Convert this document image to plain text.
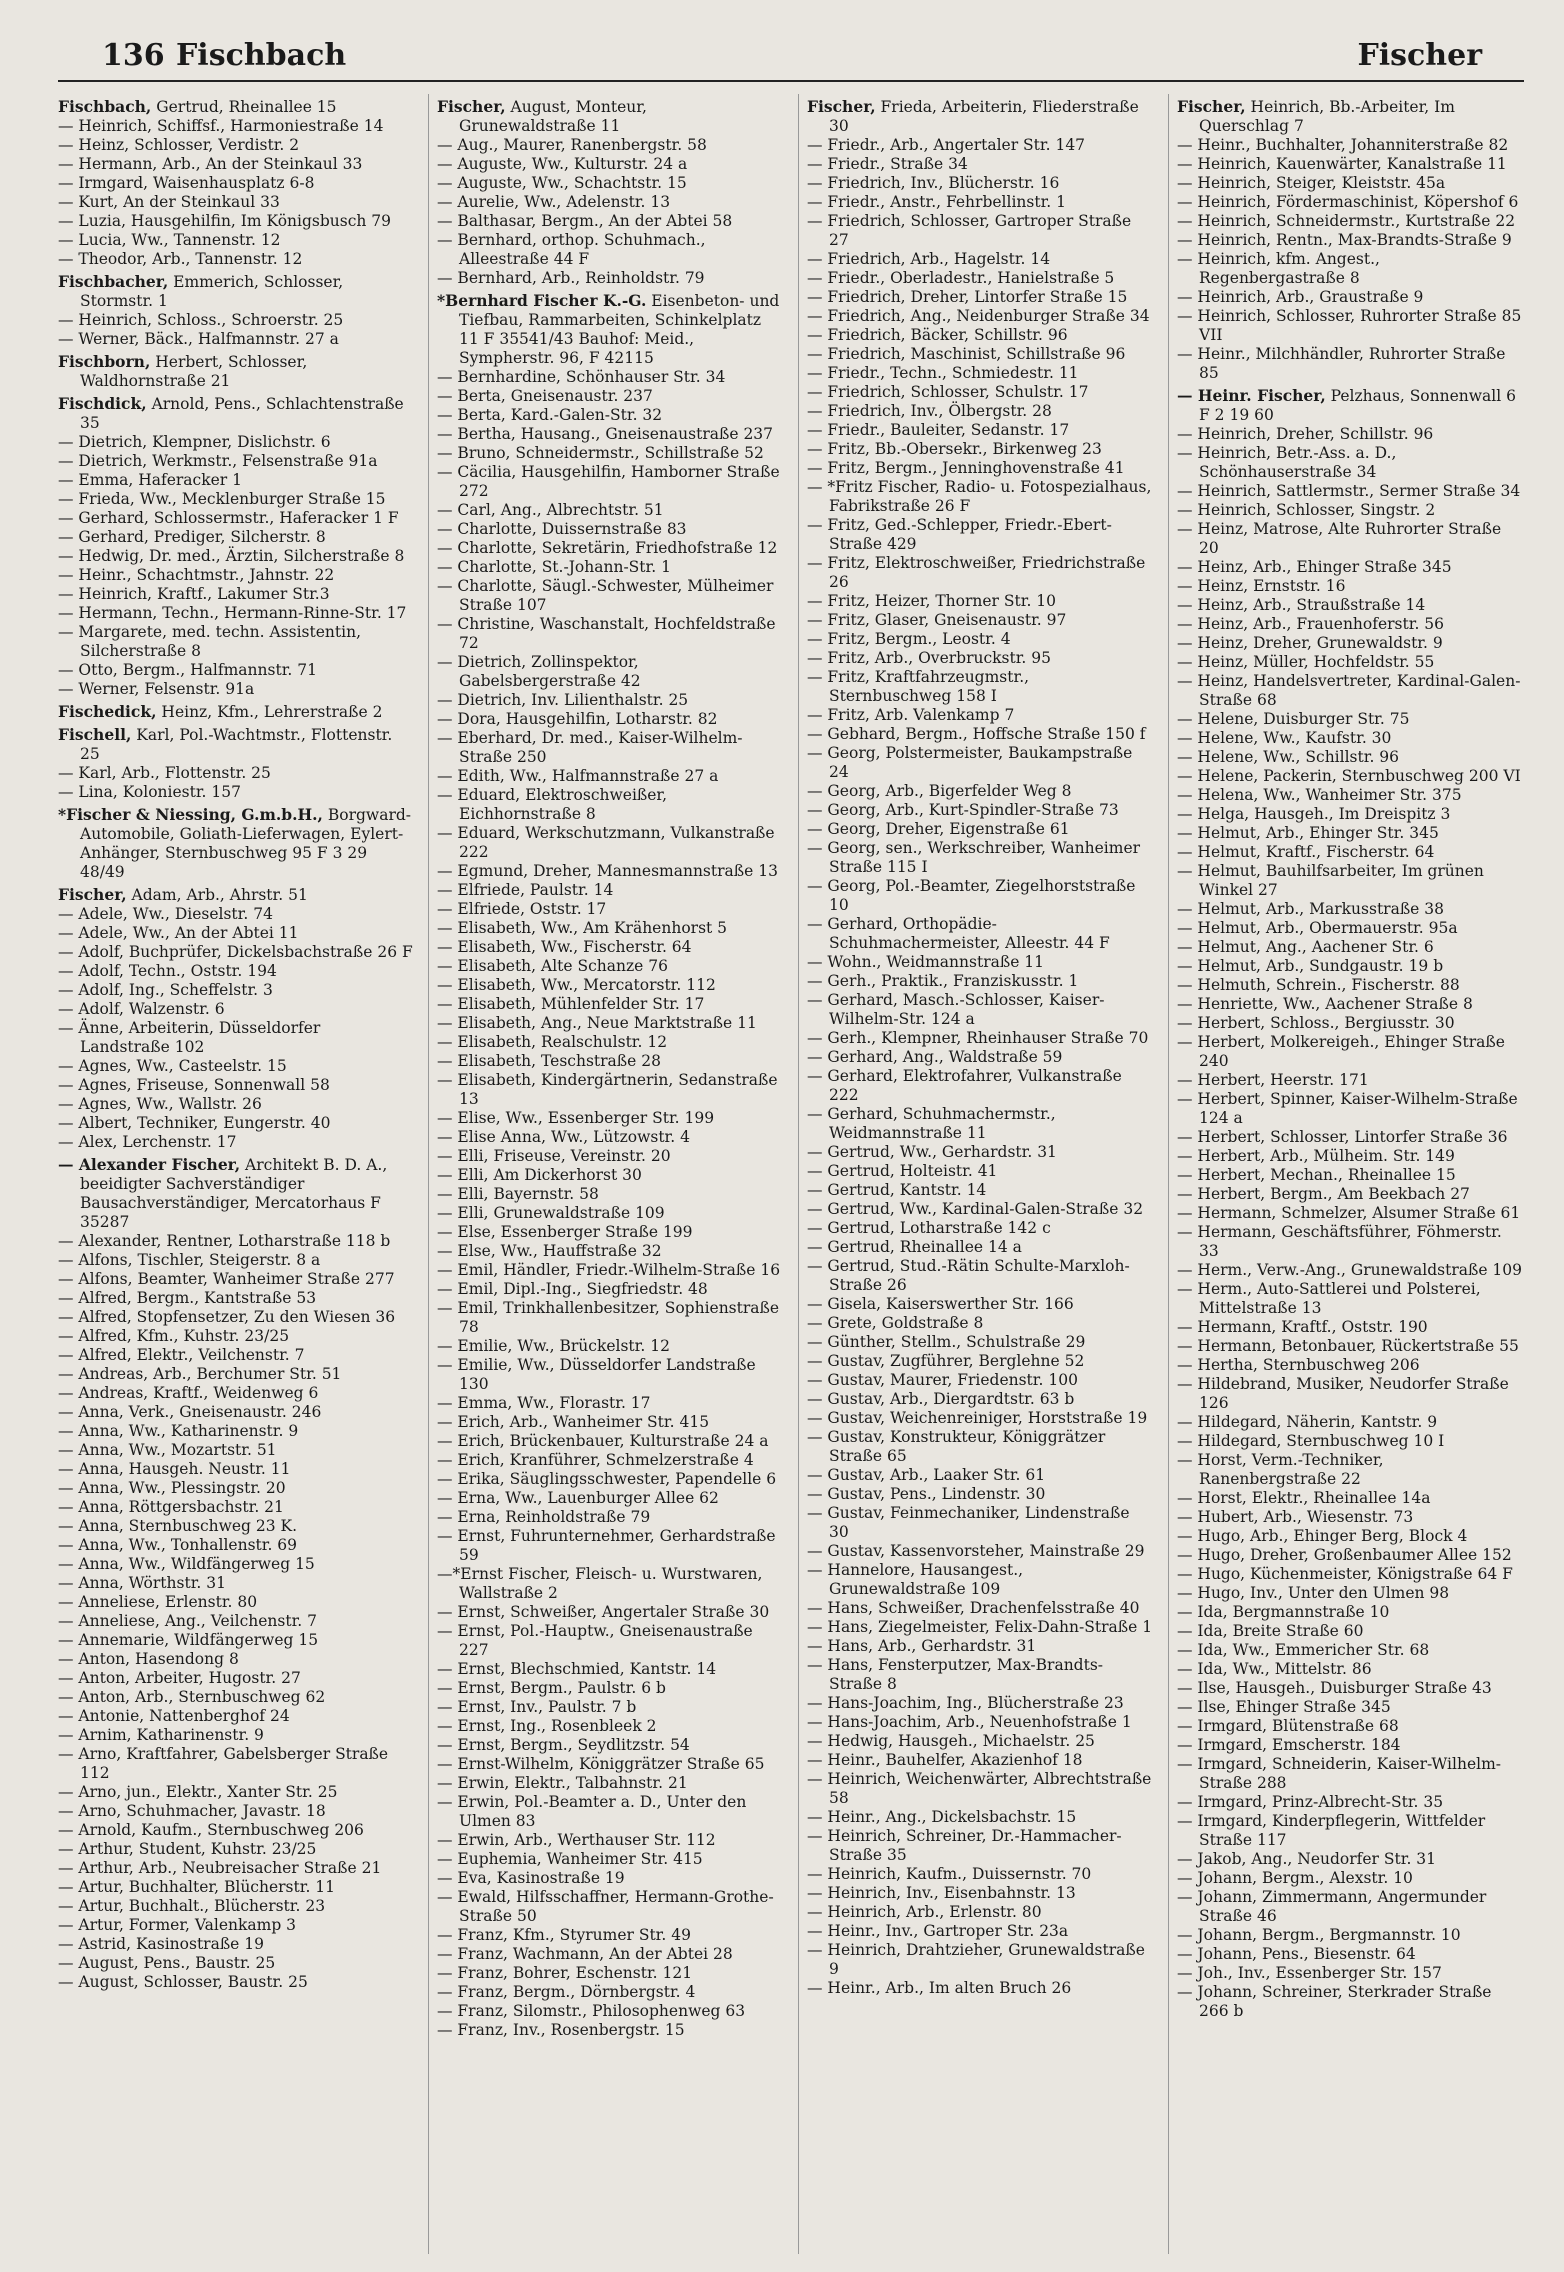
136 Fischbach	Fischer
Fischbach, Gertrud, Rheinallee 15
— Heinrich, Schiffsf., Harmoniestraße 14
— Heinz, Schlosser, Verdistr. 2
— Hermann, Arb., An der Steinkaul 33
— Irmgard, Waisenhausplatz 6-8
— Kurt, An der Steinkaul 33
— Luzia, Hausgehilfin, Im Königsbusch 79
— Lucia, Ww., Tannenstr. 12
— Theodor, Arb., Tannenstr. 12
Fischbacher, Emmerich, Schlosser, Stormstr. 1
— Heinrich, Schloss., Schroerstr. 25
— Werner, Bäck., Halfmannstr. 27 a
Fischborn, Herbert, Schlosser, Waldhornstraße 21
Fischdick, Arnold, Pens., Schlachtenstraße 35
— Dietrich, Klempner, Dislichstr. 6
— Dietrich, Werkmstr., Felsenstraße 91a
— Emma, Haferacker 1
— Frieda, Ww., Mecklenburger Straße 15
— Gerhard, Schlossermstr., Haferacker 1 F
— Gerhard, Prediger, Silcherstr. 8
— Hedwig, Dr. med., Ärztin, Silcherstraße 8
— Heinr., Schachtmstr., Jahnstr. 22
— Heinrich, Kraftf., Lakumer Str.3
— Hermann, Techn., Hermann-Rinne-Str. 17
— Margarete, med. techn. Assistentin, Silcherstraße 8
— Otto, Bergm., Halfmannstr. 71
— Werner, Felsenstr. 91a
Fischedick, Heinz, Kfm., Lehrerstraße 2
Fischell, Karl, Pol.-Wachtmstr., Flottenstr. 25
— Karl, Arb., Flottenstr. 25
— Lina, Koloniestr. 157
*Fischer & Niessing, G.m.b.H., Borgward-Automobile, Goliath-Lieferwagen, Eylert-Anhänger, Sternbuschweg 95 F 3 29 48/49
Fischer, Adam, Arb., Ahrstr. 51
— Adele, Ww., Dieselstr. 74
— Adele, Ww., An der Abtei 11
— Adolf, Buchprüfer, Dickelsbachstraße 26 F
— Adolf, Techn., Oststr. 194
— Adolf, Ing., Scheffelstr. 3
— Adolf, Walzenstr. 6
— Änne, Arbeiterin, Düsseldorfer Landstraße 102
— Agnes, Ww., Casteelstr. 15
— Agnes, Friseuse, Sonnenwall 58
— Agnes, Ww., Wallstr. 26
— Albert, Techniker, Eungerstr. 40
— Alex, Lerchenstr. 17
— Alexander Fischer, Architekt B. D. A., beeidigter Sachverständiger Bausachverständiger, Mercatorhaus F 35287
— Alexander, Rentner, Lotharstraße 118 b
— Alfons, Tischler, Steigerstr. 8 a
— Alfons, Beamter, Wanheimer Straße 277
— Alfred, Bergm., Kantstraße 53
— Alfred, Stopfensetzer, Zu den Wiesen 36
— Alfred, Kfm., Kuhstr. 23/25
— Alfred, Elektr., Veilchenstr. 7
— Andreas, Arb., Berchumer Str. 51
— Andreas, Kraftf., Weidenweg 6
— Anna, Verk., Gneisenaustr. 246
— Anna, Ww., Katharinenstr. 9
— Anna, Ww., Mozartstr. 51
— Anna, Hausgeh. Neustr. 11
— Anna, Ww., Plessingstr. 20
— Anna, Röttgersbachstr. 21
— Anna, Sternbuschweg 23 K.
— Anna, Ww., Tonhallenstr. 69
— Anna, Ww., Wildfängerweg 15
— Anna, Wörthstr. 31
— Anneliese, Erlenstr. 80
— Anneliese, Ang., Veilchenstr. 7
— Annemarie, Wildfängerweg 15
— Anton, Hasendong 8
— Anton, Arbeiter, Hugostr. 27
— Anton, Arb., Sternbuschweg 62
— Antonie, Nattenberghof 24
— Arnim, Katharinenstr. 9
— Arno, Kraftfahrer, Gabelsberger Straße 112
— Arno, jun., Elektr., Xanter Str. 25
— Arno, Schuhmacher, Javastr. 18
— Arnold, Kaufm., Sternbuschweg 206
— Arthur, Student, Kuhstr. 23/25
— Arthur, Arb., Neubreisacher Straße 21
— Artur, Buchhalter, Blücherstr. 11
— Artur, Buchhalt., Blücherstr. 23
— Artur, Former, Valenkamp 3
— Astrid, Kasinostraße 19
— August, Pens., Baustr. 25
— August, Schlosser, Baustr. 25
Fischer, August, Monteur, Grunewaldstraße 11
— Aug., Maurer, Ranenbergstr. 58
— Auguste, Ww., Kulturstr. 24 a
— Auguste, Ww., Schachtstr. 15
— Aurelie, Ww., Adelenstr. 13
— Balthasar, Bergm., An der Abtei 58
— Bernhard, orthop. Schuhmach., Alleestraße 44 F
— Bernhard, Arb., Reinholdstr. 79
*Bernhard Fischer K.-G. Eisenbeton- und Tiefbau, Rammarbeiten, Schinkelplatz 11 F 35541/43 Bauhof: Meid., Sympherstr. 96, F 42115
— Bernhardine, Schönhauser Str. 34
— Berta, Gneisenaustr. 237
— Berta, Kard.-Galen-Str. 32
— Bertha, Hausang., Gneisenaustraße 237
— Bruno, Schneidermstr., Schillstraße 52
— Cäcilia, Hausgehilfin, Hamborner Straße 272
— Carl, Ang., Albrechtstr. 51
— Charlotte, Duissernstraße 83
— Charlotte, Sekretärin, Friedhofstraße 12
— Charlotte, St.-Johann-Str. 1
— Charlotte, Säugl.-Schwester, Mülheimer Straße 107
— Christine, Waschanstalt, Hochfeldstraße 72
— Dietrich, Zollinspektor, Gabelsbergerstraße 42
— Dietrich, Inv. Lilienthalstr. 25
— Dora, Hausgehilfin, Lotharstr. 82
— Eberhard, Dr. med., Kaiser-Wilhelm-Straße 250
— Edith, Ww., Halfmannstraße 27 a
— Eduard, Elektroschweißer, Eichhornstraße 8
— Eduard, Werkschutzmann, Vulkanstraße 222
— Egmund, Dreher, Mannesmannstraße 13
— Elfriede, Paulstr. 14
— Elfriede, Oststr. 17
— Elisabeth, Ww., Am Krähenhorst 5
— Elisabeth, Ww., Fischerstr. 64
— Elisabeth, Alte Schanze 76
— Elisabeth, Ww., Mercatorstr. 112
— Elisabeth, Mühlenfelder Str. 17
— Elisabeth, Ang., Neue Marktstraße 11
— Elisabeth, Realschulstr. 12
— Elisabeth, Teschstraße 28
— Elisabeth, Kindergärtnerin, Sedanstraße 13
— Elise, Ww., Essenberger Str. 199
— Elise Anna, Ww., Lützowstr. 4
— Elli, Friseuse, Vereinstr. 20
— Elli, Am Dickerhorst 30
— Elli, Bayernstr. 58
— Elli, Grunewaldstraße 109
— Else, Essenberger Straße 199
— Else, Ww., Hauffstraße 32
— Emil, Händler, Friedr.-Wilhelm-Straße 16
— Emil, Dipl.-Ing., Siegfriedstr. 48
— Emil, Trinkhallenbesitzer, Sophienstraße 78
— Emilie, Ww., Brückelstr. 12
— Emilie, Ww., Düsseldorfer Landstraße 130
— Emma, Ww., Florastr. 17
— Erich, Arb., Wanheimer Str. 415
— Erich, Brückenbauer, Kulturstraße 24 a
— Erich, Kranführer, Schmelzerstraße 4
— Erika, Säuglingsschwester, Papendelle 6
— Erna, Ww., Lauenburger Allee 62
— Erna, Reinholdstraße 79
— Ernst, Fuhrunternehmer, Gerhardstraße 59
—*Ernst Fischer, Fleisch- u. Wurstwaren, Wallstraße 2
— Ernst, Schweißer, Angertaler Straße 30
— Ernst, Pol.-Hauptw., Gneisenaustraße 227
— Ernst, Blechschmied, Kantstr. 14
— Ernst, Bergm., Paulstr. 6 b
— Ernst, Inv., Paulstr. 7 b
— Ernst, Ing., Rosenbleek 2
— Ernst, Bergm., Seydlitzstr. 54
— Ernst-Wilhelm, Königgrätzer Straße 65
— Erwin, Elektr., Talbahnstr. 21
— Erwin, Pol.-Beamter a. D., Unter den Ulmen 83
— Erwin, Arb., Werthauser Str. 112
— Euphemia, Wanheimer Str. 415
— Eva, Kasinostraße 19
— Ewald, Hilfsschaffner, Hermann-Grothe-Straße 50
— Franz, Kfm., Styrumer Str. 49
— Franz, Wachmann, An der Abtei 28
— Franz, Bohrer, Eschenstr. 121
— Franz, Bergm., Dörnbergstr. 4
— Franz, Silomstr., Philosophenweg 63
— Franz, Inv., Rosenbergstr. 15
Fischer, Frieda, Arbeiterin, Fliederstraße 30
— Friedr., Arb., Angertaler Str. 147
— Friedr., Straße 34
— Friedrich, Inv., Blücherstr. 16
— Friedr., Anstr., Fehrbellinstr. 1
— Friedrich, Schlosser, Gartroper Straße 27
— Friedrich, Arb., Hagelstr. 14
— Friedr., Oberladestr., Hanielstraße 5
— Friedrich, Dreher, Lintorfer Straße 15
— Friedrich, Ang., Neidenburger Straße 34
— Friedrich, Bäcker, Schillstr. 96
— Friedrich, Maschinist, Schillstraße 96
— Friedr., Techn., Schmiedestr. 11
— Friedrich, Schlosser, Schulstr. 17
— Friedrich, Inv., Ölbergstr. 28
— Friedr., Bauleiter, Sedanstr. 17
— Fritz, Bb.-Obersekr., Birkenweg 23
— Fritz, Bergm., Jenninghovenstraße 41
— *Fritz Fischer, Radio- u. Fotospezialhaus, Fabrikstraße 26 F
— Fritz, Ged.-Schlepper, Friedr.-Ebert-Straße 429
— Fritz, Elektroschweißer, Friedrichstraße 26
— Fritz, Heizer, Thorner Str. 10
— Fritz, Glaser, Gneisenaustr. 97
— Fritz, Bergm., Leostr. 4
— Fritz, Arb., Overbruckstr. 95
— Fritz, Kraftfahrzeugmstr., Sternbuschweg 158 I
— Fritz, Arb. Valenkamp 7
— Gebhard, Bergm., Hoffsche Straße 150 f
— Georg, Polstermeister, Baukampstraße 24
— Georg, Arb., Bigerfelder Weg 8
— Georg, Arb., Kurt-Spindler-Straße 73
— Georg, Dreher, Eigenstraße 61
— Georg, sen., Werkschreiber, Wanheimer Straße 115 I
— Georg, Pol.-Beamter, Ziegelhorststraße 10
— Gerhard, Orthopädie-Schuhmachermeister, Alleestr. 44 F
— Wohn., Weidmannstraße 11
— Gerh., Praktik., Franziskusstr. 1
— Gerhard, Masch.-Schlosser, Kaiser-Wilhelm-Str. 124 a
— Gerh., Klempner, Rheinhauser Straße 70
— Gerhard, Ang., Waldstraße 59
— Gerhard, Elektrofahrer, Vulkanstraße 222
— Gerhard, Schuhmachermstr., Weidmannstraße 11
— Gertrud, Ww., Gerhardstr. 31
— Gertrud, Holteistr. 41
— Gertrud, Kantstr. 14
— Gertrud, Ww., Kardinal-Galen-Straße 32
— Gertrud, Lotharstraße 142 c
— Gertrud, Rheinallee 14 a
— Gertrud, Stud.-Rätin Schulte-Marxloh-Straße 26
— Gisela, Kaiserswerther Str. 166
— Grete, Goldstraße 8
— Günther, Stellm., Schulstraße 29
— Gustav, Zugführer, Berglehne 52
— Gustav, Maurer, Friedenstr. 100
— Gustav, Arb., Diergardtstr. 63 b
— Gustav, Weichenreiniger, Horststraße 19
— Gustav, Konstrukteur, Königgrätzer Straße 65
— Gustav, Arb., Laaker Str. 61
— Gustav, Pens., Lindenstr. 30
— Gustav, Feinmechaniker, Lindenstraße 30
— Gustav, Kassenvorsteher, Mainstraße 29
— Hannelore, Hausangest., Grunewaldstraße 109
— Hans, Schweißer, Drachenfelsstraße 40
— Hans, Ziegelmeister, Felix-Dahn-Straße 1
— Hans, Arb., Gerhardstr. 31
— Hans, Fensterputzer, Max-Brandts-Straße 8
— Hans-Joachim, Ing., Blücherstraße 23
— Hans-Joachim, Arb., Neuenhofstraße 1
— Hedwig, Hausgeh., Michaelstr. 25
— Heinr., Bauhelfer, Akazienhof 18
— Heinrich, Weichenwärter, Albrechtstraße 58
— Heinr., Ang., Dickelsbachstr. 15
— Heinrich, Schreiner, Dr.-Hammacher-Straße 35
— Heinrich, Kaufm., Duissernstr. 70
— Heinrich, Inv., Eisenbahnstr. 13
— Heinrich, Arb., Erlenstr. 80
— Heinr., Inv., Gartroper Str. 23a
— Heinrich, Drahtzieher, Grunewaldstraße 9
— Heinr., Arb., Im alten Bruch 26
Fischer, Heinrich, Bb.-Arbeiter, Im Querschlag 7
— Heinr., Buchhalter, Johanniterstraße 82
— Heinrich, Kauenwärter, Kanalstraße 11
— Heinrich, Steiger, Kleiststr. 45a
— Heinrich, Fördermaschinist, Köpershof 6
— Heinrich, Schneidermstr., Kurtstraße 22
— Heinrich, Rentn., Max-Brandts-Straße 9
— Heinrich, kfm. Angest., Regenbergastraße 8
— Heinrich, Arb., Graustraße 9
— Heinrich, Schlosser, Ruhrorter Straße 85 VII
— Heinr., Milchhändler, Ruhrorter Straße 85
— Heinr. Fischer, Pelzhaus, Sonnenwall 6 F 2 19 60
— Heinrich, Dreher, Schillstr. 96
— Heinrich, Betr.-Ass. a. D., Schönhauserstraße 34
— Heinrich, Sattlermstr., Sermer Straße 34
— Heinrich, Schlosser, Singstr. 2
— Heinz, Matrose, Alte Ruhrorter Straße 20
— Heinz, Arb., Ehinger Straße 345
— Heinz, Ernststr. 16
— Heinz, Arb., Straußstraße 14
— Heinz, Arb., Frauenhoferstr. 56
— Heinz, Dreher, Grunewaldstr. 9
— Heinz, Müller, Hochfeldstr. 55
— Heinz, Handelsvertreter, Kardinal-Galen-Straße 68
— Helene, Duisburger Str. 75
— Helene, Ww., Kaufstr. 30
— Helene, Ww., Schillstr. 96
— Helene, Packerin, Sternbuschweg 200 VI
— Helena, Ww., Wanheimer Str. 375
— Helga, Hausgeh., Im Dreispitz 3
— Helmut, Arb., Ehinger Str. 345
— Helmut, Kraftf., Fischerstr. 64
— Helmut, Bauhilfsarbeiter, Im grünen Winkel 27
— Helmut, Arb., Markusstraße 38
— Helmut, Arb., Obermauerstr. 95a
— Helmut, Ang., Aachener Str. 6
— Helmut, Arb., Sundgaustr. 19 b
— Helmuth, Schrein., Fischerstr. 88
— Henriette, Ww., Aachener Straße 8
— Herbert, Schloss., Bergiusstr. 30
— Herbert, Molkereigeh., Ehinger Straße 240
— Herbert, Heerstr. 171
— Herbert, Spinner, Kaiser-Wilhelm-Straße 124 a
— Herbert, Schlosser, Lintorfer Straße 36
— Herbert, Arb., Mülheim. Str. 149
— Herbert, Mechan., Rheinallee 15
— Herbert, Bergm., Am Beekbach 27
— Hermann, Schmelzer, Alsumer Straße 61
— Hermann, Geschäftsführer, Föhmerstr. 33
— Herm., Verw.-Ang., Grunewaldstraße 109
— Herm., Auto-Sattlerei und Polsterei, Mittelstraße 13
— Hermann, Kraftf., Oststr. 190
— Hermann, Betonbauer, Rückertstraße 55
— Hertha, Sternbuschweg 206
— Hildebrand, Musiker, Neudorfer Straße 126
— Hildegard, Näherin, Kantstr. 9
— Hildegard, Sternbuschweg 10 I
— Horst, Verm.-Techniker, Ranenbergstraße 22
— Horst, Elektr., Rheinallee 14a
— Hubert, Arb., Wiesenstr. 73
— Hugo, Arb., Ehinger Berg, Block 4
— Hugo, Dreher, Großenbaumer Allee 152
— Hugo, Küchenmeister, Königstraße 64 F
— Hugo, Inv., Unter den Ulmen 98
— Ida, Bergmannstraße 10
— Ida, Breite Straße 60
— Ida, Ww., Emmericher Str. 68
— Ida, Ww., Mittelstr. 86
— Ilse, Hausgeh., Duisburger Straße 43
— Ilse, Ehinger Straße 345
— Irmgard, Blütenstraße 68
— Irmgard, Emscherstr. 184
— Irmgard, Schneiderin, Kaiser-Wilhelm-Straße 288
— Irmgard, Prinz-Albrecht-Str. 35
— Irmgard, Kinderpflegerin, Wittfelder Straße 117
— Jakob, Ang., Neudorfer Str. 31
— Johann, Bergm., Alexstr. 10
— Johann, Zimmermann, Angermunder Straße 46
— Johann, Bergm., Bergmannstr. 10
— Johann, Pens., Biesenstr. 64
— Joh., Inv., Essenberger Str. 157
— Johann, Schreiner, Sterkrader Straße 266 b
